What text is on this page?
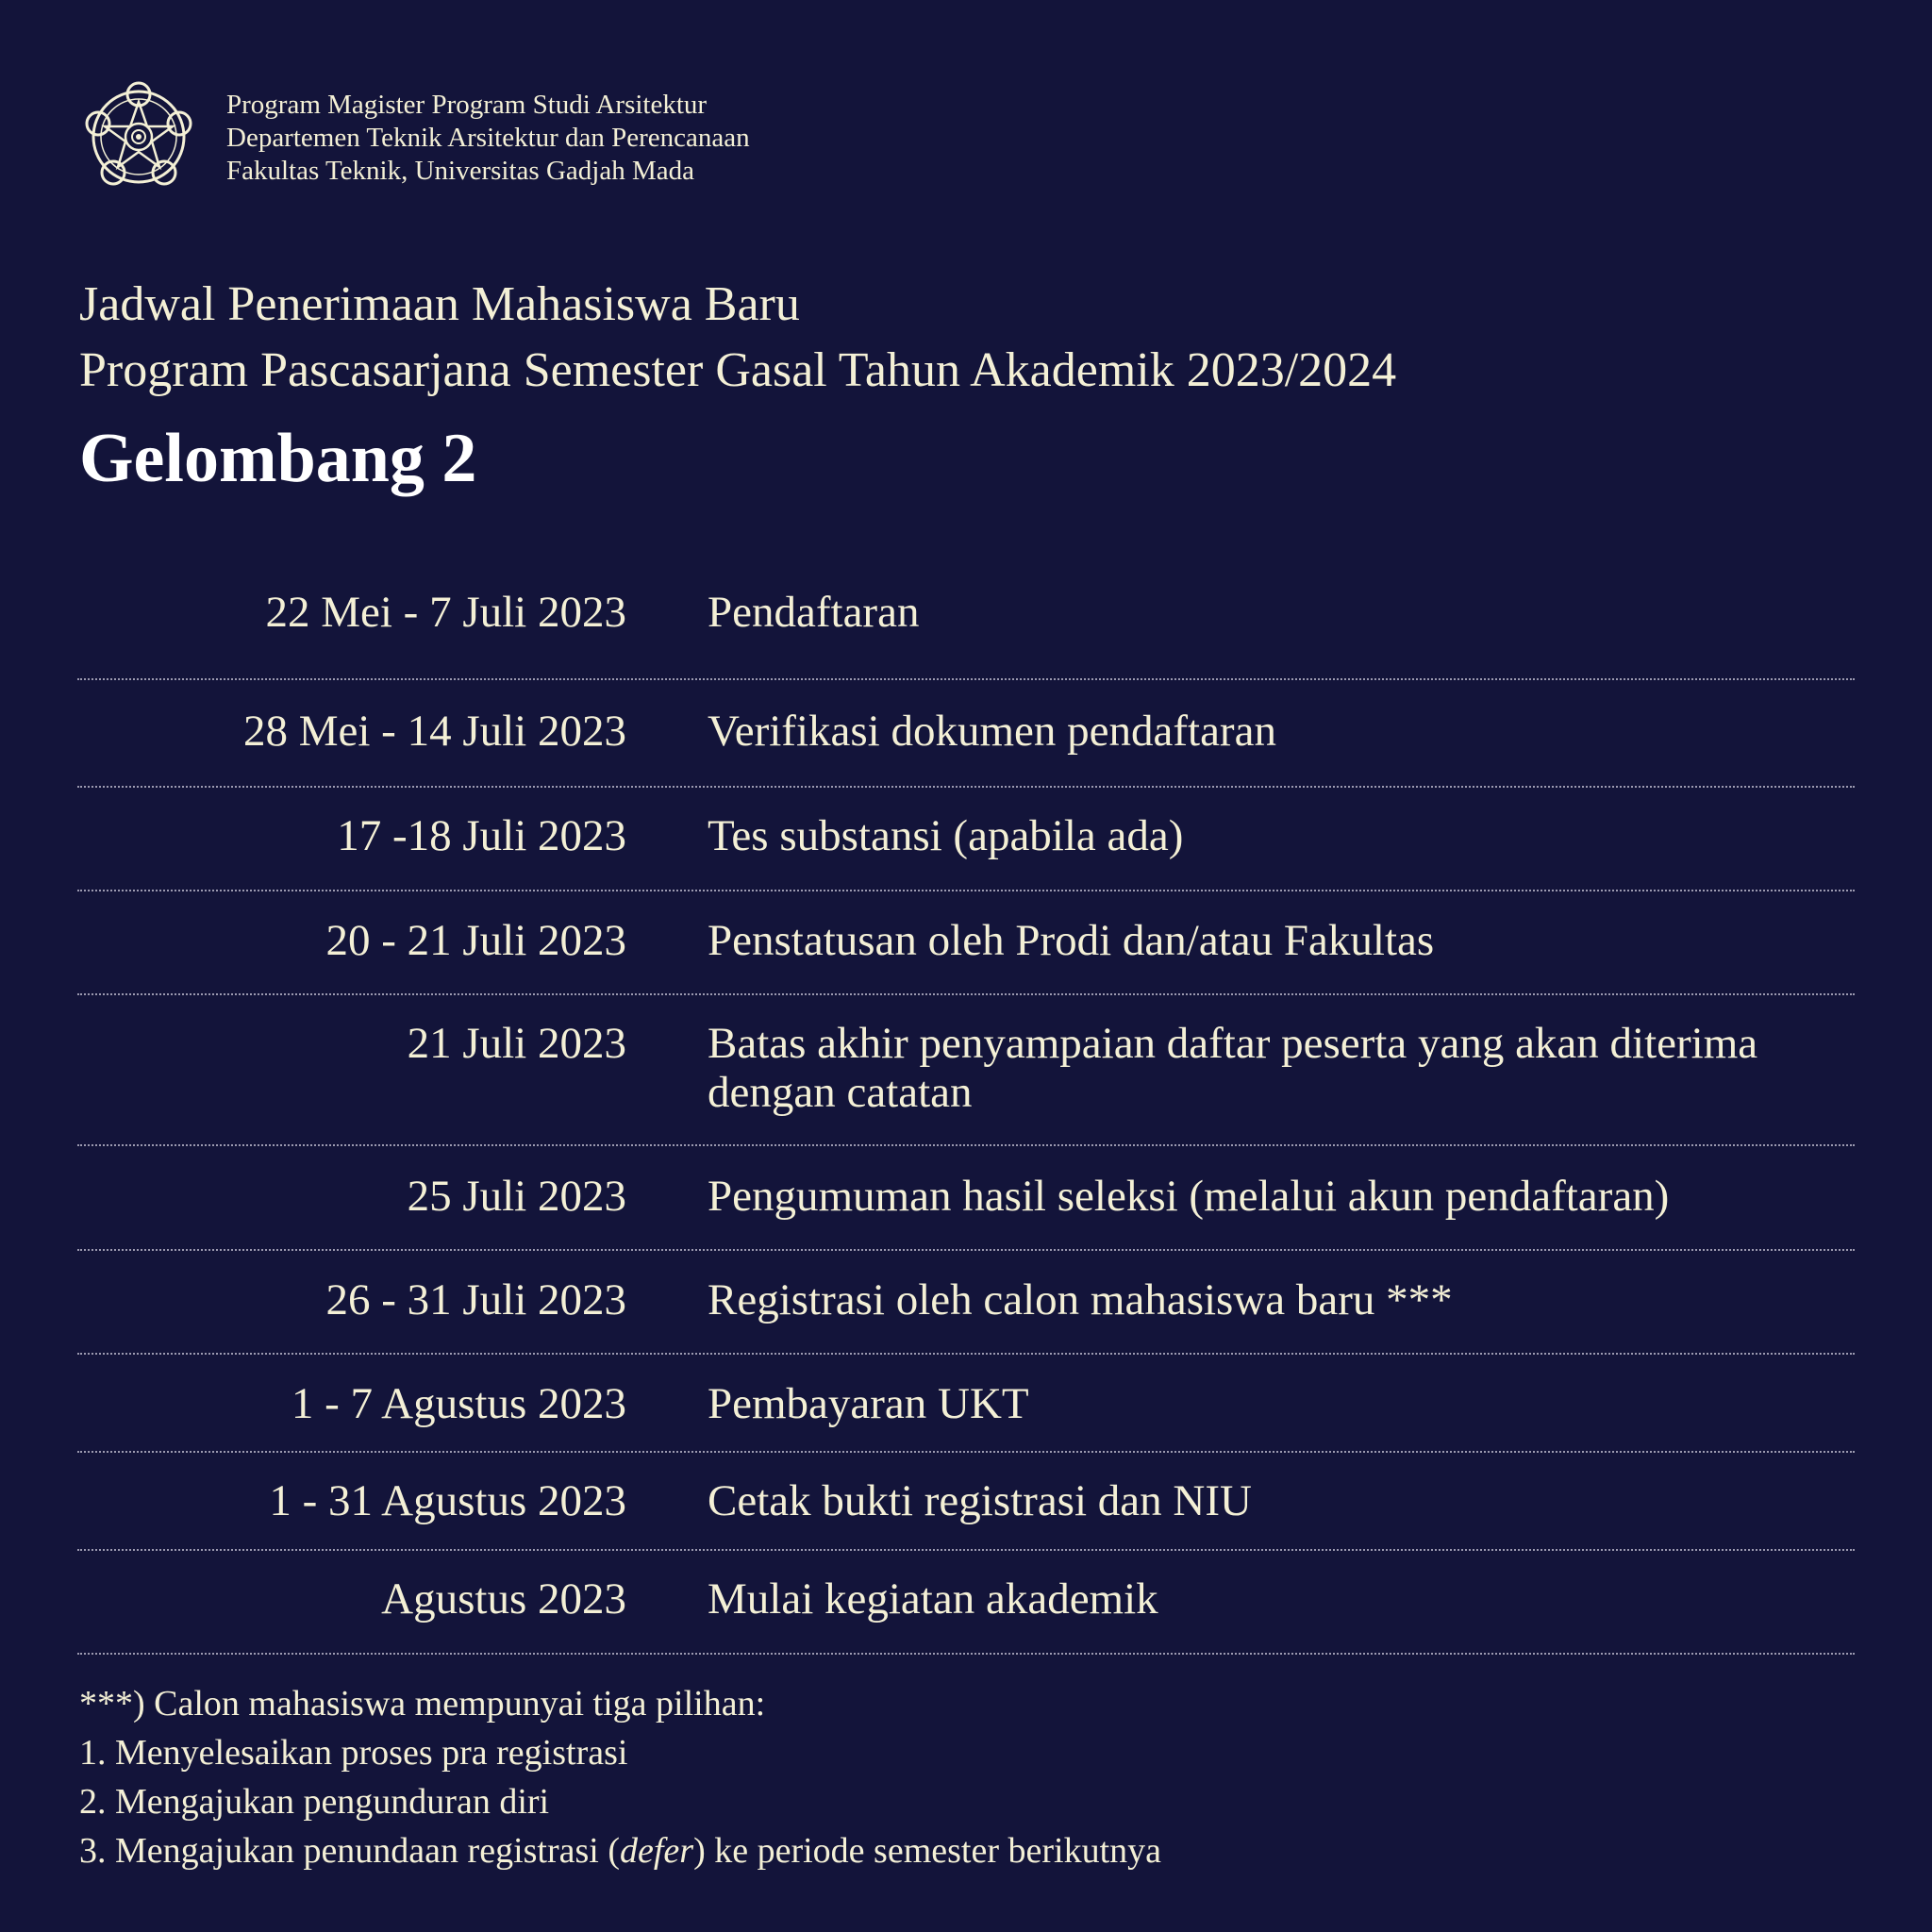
Program Magister Program Studi Arsitektur
Departemen Teknik Arsitektur dan Perencanaan
Fakultas Teknik, Universitas Gadjah Mada
Jadwal Penerimaan Mahasiswa Baru
Program Pascasarjana Semester Gasal Tahun Akademik 2023/2024
Gelombang 2
22 Mei - 7 Juli 2023 Pendaftaran
28 Mei - 14 Juli 2023 Verifikasi dokumen pendaftaran
17 -18 Juli 2023 Tes substansi (apabila ada)
20 - 21 Juli 2023 Penstatusan oleh Prodi dan/atau Fakultas
21 Juli 2023 Batas akhir penyampaian daftar peserta yang akan diterima dengan catatan
25 Juli 2023 Pengumuman hasil seleksi (melalui akun pendaftaran)
26 - 31 Juli 2023 Registrasi oleh calon mahasiswa baru ***
1 - 7 Agustus 2023 Pembayaran UKT
1 - 31 Agustus 2023 Cetak bukti registrasi dan NIU
Agustus 2023 Mulai kegiatan akademik
***) Calon mahasiswa mempunyai tiga pilihan:
1. Menyelesaikan proses pra registrasi
2. Mengajukan pengunduran diri
3. Mengajukan penundaan registrasi (defer) ke periode semester berikutnya
